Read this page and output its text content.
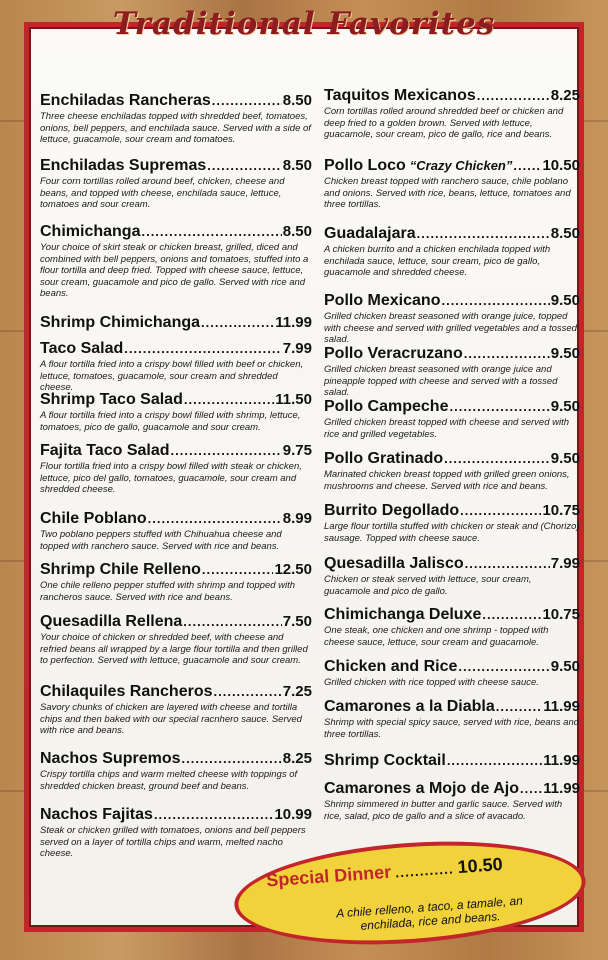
Traditional Favorites
Enchiladas Rancheras .....	8.50
Three cheese enchiladas topped with shredded beef, tomatoes, onions, bell peppers, and enchilada sauce. Served with a side of lettuce, guacamole, sour cream and tomatoes.
Enchiladas Supremas .....	8.50
Four corn tortillas rolled around beef, chicken, cheese and beans, and topped with cheese, enchilada sauce, lettuce, tomatoes and sour cream.
Chimichanga .....	8.50
Your choice of skirt steak or chicken breast, grilled, diced and combined with bell peppers, onions and tomatoes, stuffed into a flour tortilla and deep fried. Topped with cheese sauce, lettuce, sour cream, guacamole and pico de gallo. Served with rice and beans.
Shrimp Chimichanga .....	11.99
Taco Salad .....	7.99
A flour tortilla fried into a crispy bowl filled with beef or chicken, lettuce, tomatoes, guacamole, sour cream and shredded cheese.
Shrimp Taco Salad .....	11.50
A flour tortilla fried into a crispy bowl filled with shrimp, lettuce, tomatoes, pico de gallo, guacamole and sour cream.
Fajita Taco Salad .....	9.75
Flour tortilla fried into a crispy bowl filled with steak or chicken, lettuce, pico del gallo, tomatoes, guacamole, sour cream and shredded cheese.
Chile Poblano .....	8.99
Two poblano peppers stuffed with Chihuahua cheese and topped with ranchero sauce. Served with rice and beans.
Shrimp Chile Relleno .....	12.50
One chile relleno pepper stuffed with shrimp and topped with rancheros sauce. Served with rice and beans.
Quesadilla Rellena .....	7.50
Your choice of chicken or shredded beef, with cheese and refried beans all wrapped by a large flour tortilla and then grilled to perfection. Served with lettuce, guacamole and sour cream.
Chilaquiles Rancheros .....	7.25
Savory chunks of chicken are layered with cheese and tortilla chips and then baked with our special racnhero sauce. Served with rice and beans.
Nachos Supremos .....	8.25
Crispy tortilla chips and warm melted cheese with toppings of shredded chicken breast, ground beef and beans.
Nachos Fajitas .....	10.99
Steak or chicken grilled with tomatoes, onions and bell peppers served on a layer of tortilla chips and warm, melted nacho cheese.
Taquitos Mexicanos .....	8.25
Corn tortillas rolled around shredded beef or chicken and deep fried to a golden brown. Served with lettuce, guacamole, sour cream, pico de gallo, rice and beans.
Pollo Loco “Crazy Chicken” ..... 10.50
Chicken breast topped with ranchero sauce, chile poblano and onions. Served with rice, beans, lettuce, tomatoes and three tortillas.
Guadalajara .....	8.50
A chicken burrito and a chicken enchilada topped with enchilada sauce, lettuce, sour cream, pico de gallo, guacamole and shredded cheese.
Pollo Mexicano .....	9.50
Grilled chicken breast seasoned with orange juice, topped with cheese and served with grilled vegetables and a tossed salad.
Pollo Veracruzano .....	9.50
Grilled chicken breast seasoned with orange juice and pineapple topped with cheese and served with a tossed salad.
Pollo Campeche .....	9.50
Grilled chicken breast topped with cheese and served with rice and grilled vegetables.
Pollo Gratinado .....	9.50
Marinated chicken breast topped with grilled green onions, mushrooms and cheese. Served with rice and beans.
Burrito Degollado .....	10.75
Large flour tortilla stuffed with chicken or steak and (Chorizo) sausage. Topped with cheese sauce.
Quesadilla Jalisco .....	7.99
Chicken or steak served with lettuce, sour cream, guacamole and pico de gallo.
Chimichanga Deluxe .....	10.75
One steak, one chicken and one shrimp - topped with cheese sauce, lettuce, sour cream and guacamole.
Chicken and Rice .....	9.50
Grilled chicken with rice topped with cheese sauce.
Camarones a la Diabla .....	11.99
Shrimp with special spicy sauce, served with rice, beans and three tortillas.
Shrimp Cocktail .....	11.99
Camarones a Mojo de Ajo ..... 11.99
Shrimp simmered in butter and garlic sauce. Served with rice, salad, pico de gallo and a slice of avacado.
Special Dinner ............ 10.50
A chile relleno, a taco, a tamale, an enchilada, rice and beans.
